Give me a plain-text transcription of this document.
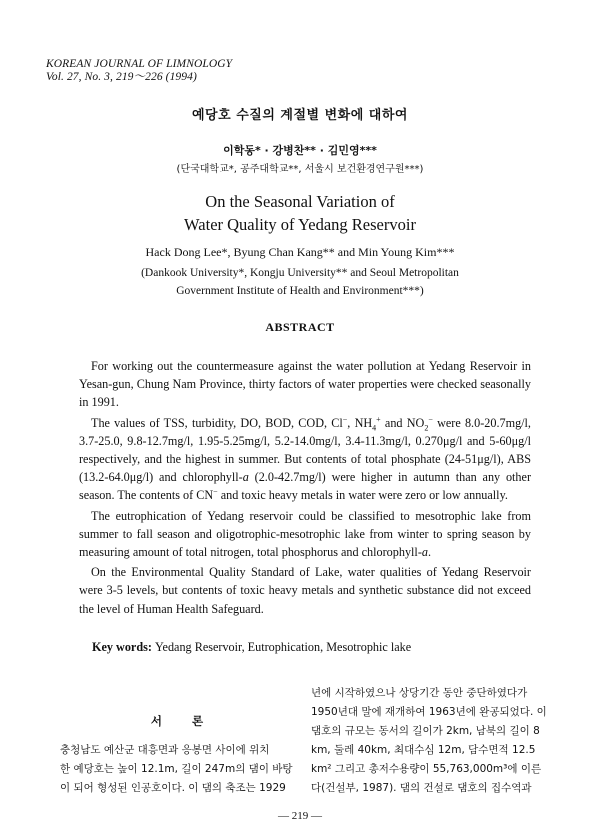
KOREAN JOURNAL OF LIMNOLOGY
Vol. 27, No. 3, 219～226 (1994)
예당호 수질의 계절별 변화에 대하여
이학동* · 강병찬** · 김민영***
(단국대학교*, 공주대학교**, 서울시 보건환경연구원***)
On the Seasonal Variation of
Water Quality of Yedang Reservoir
Hack Dong Lee*, Byung Chan Kang** and Min Young Kim***
(Dankook University*, Kongju University** and Seoul Metropolitan
Government Institute of Health and Environment***)
ABSTRACT

For working out the countermeasure against the water pollution at Yedang Reservoir in Yesan-gun, Chung Nam Province, thirty factors of water properties were checked seasonally in 1991.

The values of TSS, turbidity, DO, BOD, COD, Cl−, $NH_4^+$ and $NO_2^-$ were 8.0-20.7mg/l, 3.7-25.0, 9.8-12.7mg/l, 1.95-5.25mg/l, 5.2-14.0mg/l, 3.4-11.3mg/l, 0.270μg/l and 5-60μg/l respectively, and the highest in summer. But contents of total phosphate (24-51μg/l), ABS (13.2-64.0μg/l) and chlorophyll-a (2.0-42.7mg/l) were higher in autumn than any other season. The contents of CN− and toxic heavy metals in water were zero or low annually.

The eutrophication of Yedang reservoir could be classified to mesotrophic lake from summer to fall season and oligotrophic-mesotrophic lake from winter to spring season by measuring amount of total nitrogen, total phosphorus and chlorophyll-a.

On the Environmental Quality Standard of Lake, water qualities of Yedang Reservoir were 3-5 levels, but contents of toxic heavy metals and synthetic substance did not exceed the level of Human Health Safeguard.

Key words: Yedang Reservoir, Eutrophication, Mesotrophic lake
서론
충청남도 예산군 대흥면과 응봉면 사이에 위치
한 예당호는 높이 12.1m, 길이 247m의 댐이 바탕
이 되어 형성된 인공호이다. 이 댐의 축조는 1929
년에 시작하였으나 상당기간 동안 중단하였다가
1950년대 말에 재개하여 1963년에 완공되었다. 이
댐호의 규모는 동서의 길이가 2km, 남북의 길이 8
km, 둘레 40km, 최대수심 12m, 담수면적 12.5
km² 그리고 총저수용량이 55,763,000m³에 이른
다(건설부, 1987). 댐의 건설로 댐호의 집수역과
— 219 —
